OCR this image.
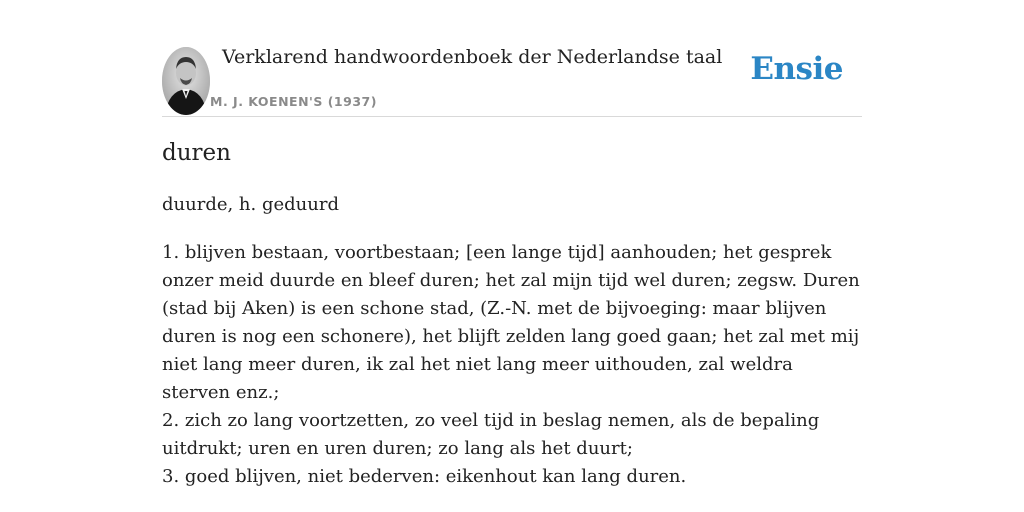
Verklarend handwoordenboek der Nederlandse taal
M. J. KOENEN'S (1937)
Ensie
duren
duurde, h. geduurd
1. blijven bestaan, voortbestaan; [een lange tijd] aanhouden; het gesprek onzer meid duurde en bleef duren; het zal mijn tijd wel duren; zegsw. Duren (stad bij Aken) is een schone stad, (Z.-N. met de bijvoeging: maar blijven duren is nog een schonere), het blijft zelden lang goed gaan; het zal met mij niet lang meer duren, ik zal het niet lang meer uithouden, zal weldra sterven enz.;
2. zich zo lang voortzetten, zo veel tijd in beslag nemen, als de bepaling uitdrukt; uren en uren duren; zo lang als het duurt;
3. goed blijven, niet bederven: eikenhout kan lang duren.
